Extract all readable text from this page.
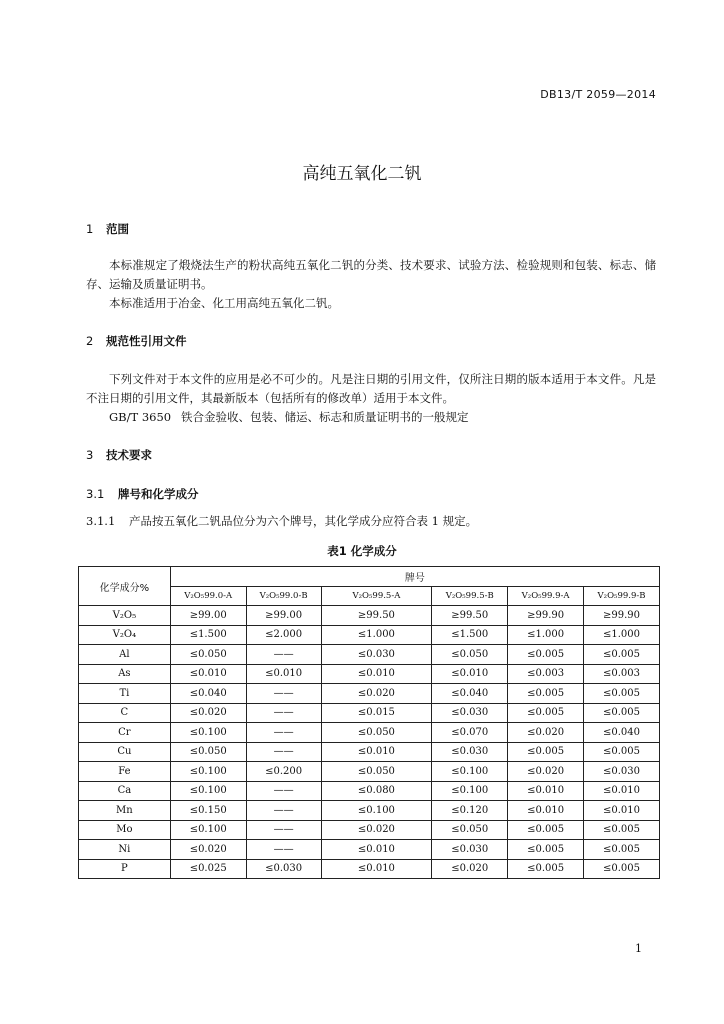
DB13/T 2059—2014
高纯五氧化二钒
1 范围
本标准规定了煅烧法生产的粉状高纯五氧化二钒的分类、技术要求、试验方法、检验规则和包装、标志、储存、运输及质量证明书。
本标准适用于冶金、化工用高纯五氧化二钒。
2 规范性引用文件
下列文件对于本文件的应用是必不可少的。凡是注日期的引用文件，仅所注日期的版本适用于本文件。凡是不注日期的引用文件，其最新版本（包括所有的修改单）适用于本文件。
GB/T 3650 铁合金验收、包装、储运、标志和质量证明书的一般规定
3 技术要求
3.1 牌号和化学成分
3.1.1 产品按五氧化二钒品位分为六个牌号，其化学成分应符合表 1 规定。
表1 化学成分
化学成分%	牌号					
	V₂O₅99.0-A	V₂O₅99.0-B	V₂O₅99.5-A	V₂O₅99.5-B	V₂O₅99.9-A	V₂O₅99.9-B
V₂O₅	≥99.00	≥99.00	≥99.50	≥99.50	≥99.90	≥99.90
V₂O₄	≤1.500	≤2.000	≤1.000	≤1.500	≤1.000	≤1.000
Al	≤0.050	——	≤0.030	≤0.050	≤0.005	≤0.005
As	≤0.010	≤0.010	≤0.010	≤0.010	≤0.003	≤0.003
Ti	≤0.040	——	≤0.020	≤0.040	≤0.005	≤0.005
C	≤0.020	——	≤0.015	≤0.030	≤0.005	≤0.005
Cr	≤0.100	——	≤0.050	≤0.070	≤0.020	≤0.040
Cu	≤0.050	——	≤0.010	≤0.030	≤0.005	≤0.005
Fe	≤0.100	≤0.200	≤0.050	≤0.100	≤0.020	≤0.030
Ca	≤0.100	——	≤0.080	≤0.100	≤0.010	≤0.010
Mn	≤0.150	——	≤0.100	≤0.120	≤0.010	≤0.010
Mo	≤0.100	——	≤0.020	≤0.050	≤0.005	≤0.005
Ni	≤0.020	——	≤0.010	≤0.030	≤0.005	≤0.005
P	≤0.025	≤0.030	≤0.010	≤0.020	≤0.005	≤0.005
1
